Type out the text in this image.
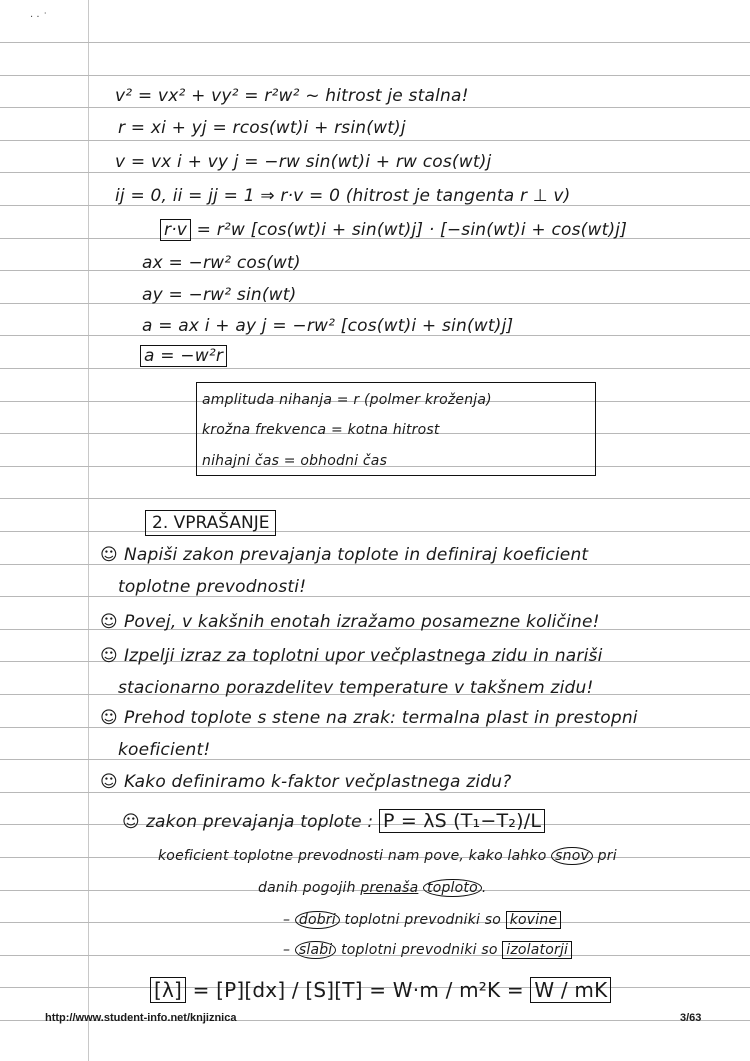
· · ˙
v² = vx² + vy² = r²w² ~ hitrost je stalna!
r = xi + yj = rcos(wt)i + rsin(wt)j
v = vx i + vy j = −rw sin(wt)i + rw cos(wt)j
ij = 0, ii = jj = 1 ⇒ r·v = 0 (hitrost je tangenta r ⊥ v)
r·v = r²w [cos(wt)i + sin(wt)j] · [−sin(wt)i + cos(wt)j]
ax = −rw² cos(wt)
ay = −rw² sin(wt)
a = ax i + ay j = −rw² [cos(wt)i + sin(wt)j]
a = −w²r
amplituda nihanja = r (polmer kroženja)
krožna frekvenca = kotna hitrost
nihajni čas = obhodni čas
2. VPRAŠANJE
☺ Napiši zakon prevajanja toplote in definiraj koeficient
toplotne prevodnosti!
☺ Povej, v kakšnih enotah izražamo posamezne količine!
☺ Izpelji izraz za toplotni upor večplastnega zidu in nariši
stacionarno porazdelitev temperature v takšnem zidu!
☺ Prehod toplote s stene na zrak: termalna plast in prestopni
koeficient!
☺ Kako definiramo k-faktor večplastnega zidu?
☺ zakon prevajanja toplote : P = λS (T₁−T₂)/L
koeficient toplotne prevodnosti nam pove, kako lahko snov pri
danih pogojih prenaša toploto .
– dobri toplotni prevodniki so kovine
– slabi toplotni prevodniki so izolatorji
[λ] = [P][dx] / [S][T] = W·m / m²K = W / mK
http://www.student-info.net/knjiznica	3/63
